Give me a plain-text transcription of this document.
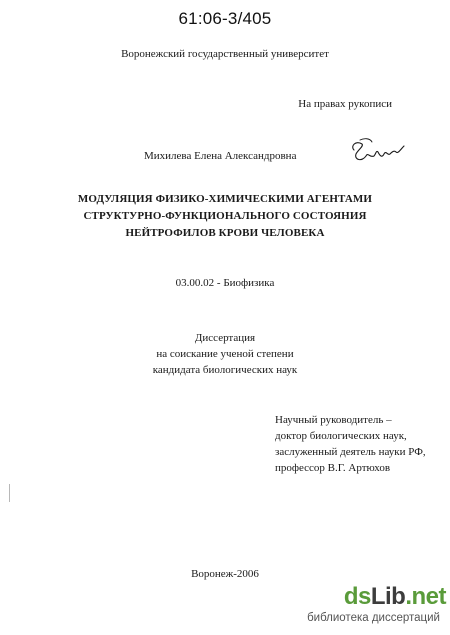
61:06-3/405
Воронежский государственный университет
На правах рукописи
Михилева Елена Александровна
МОДУЛЯЦИЯ ФИЗИКО-ХИМИЧЕСКИМИ АГЕНТАМИ
СТРУКТУРНО-ФУНКЦИОНАЛЬНОГО СОСТОЯНИЯ
НЕЙТРОФИЛОВ КРОВИ ЧЕЛОВЕКА
03.00.02 - Биофизика
Диссертация
на соискание ученой степени
кандидата биологических наук
Научный руководитель –
доктор биологических наук,
заслуженный деятель науки РФ,
профессор В.Г. Артюхов
Воронеж-2006
dsLib.net
библиотека диссертаций
